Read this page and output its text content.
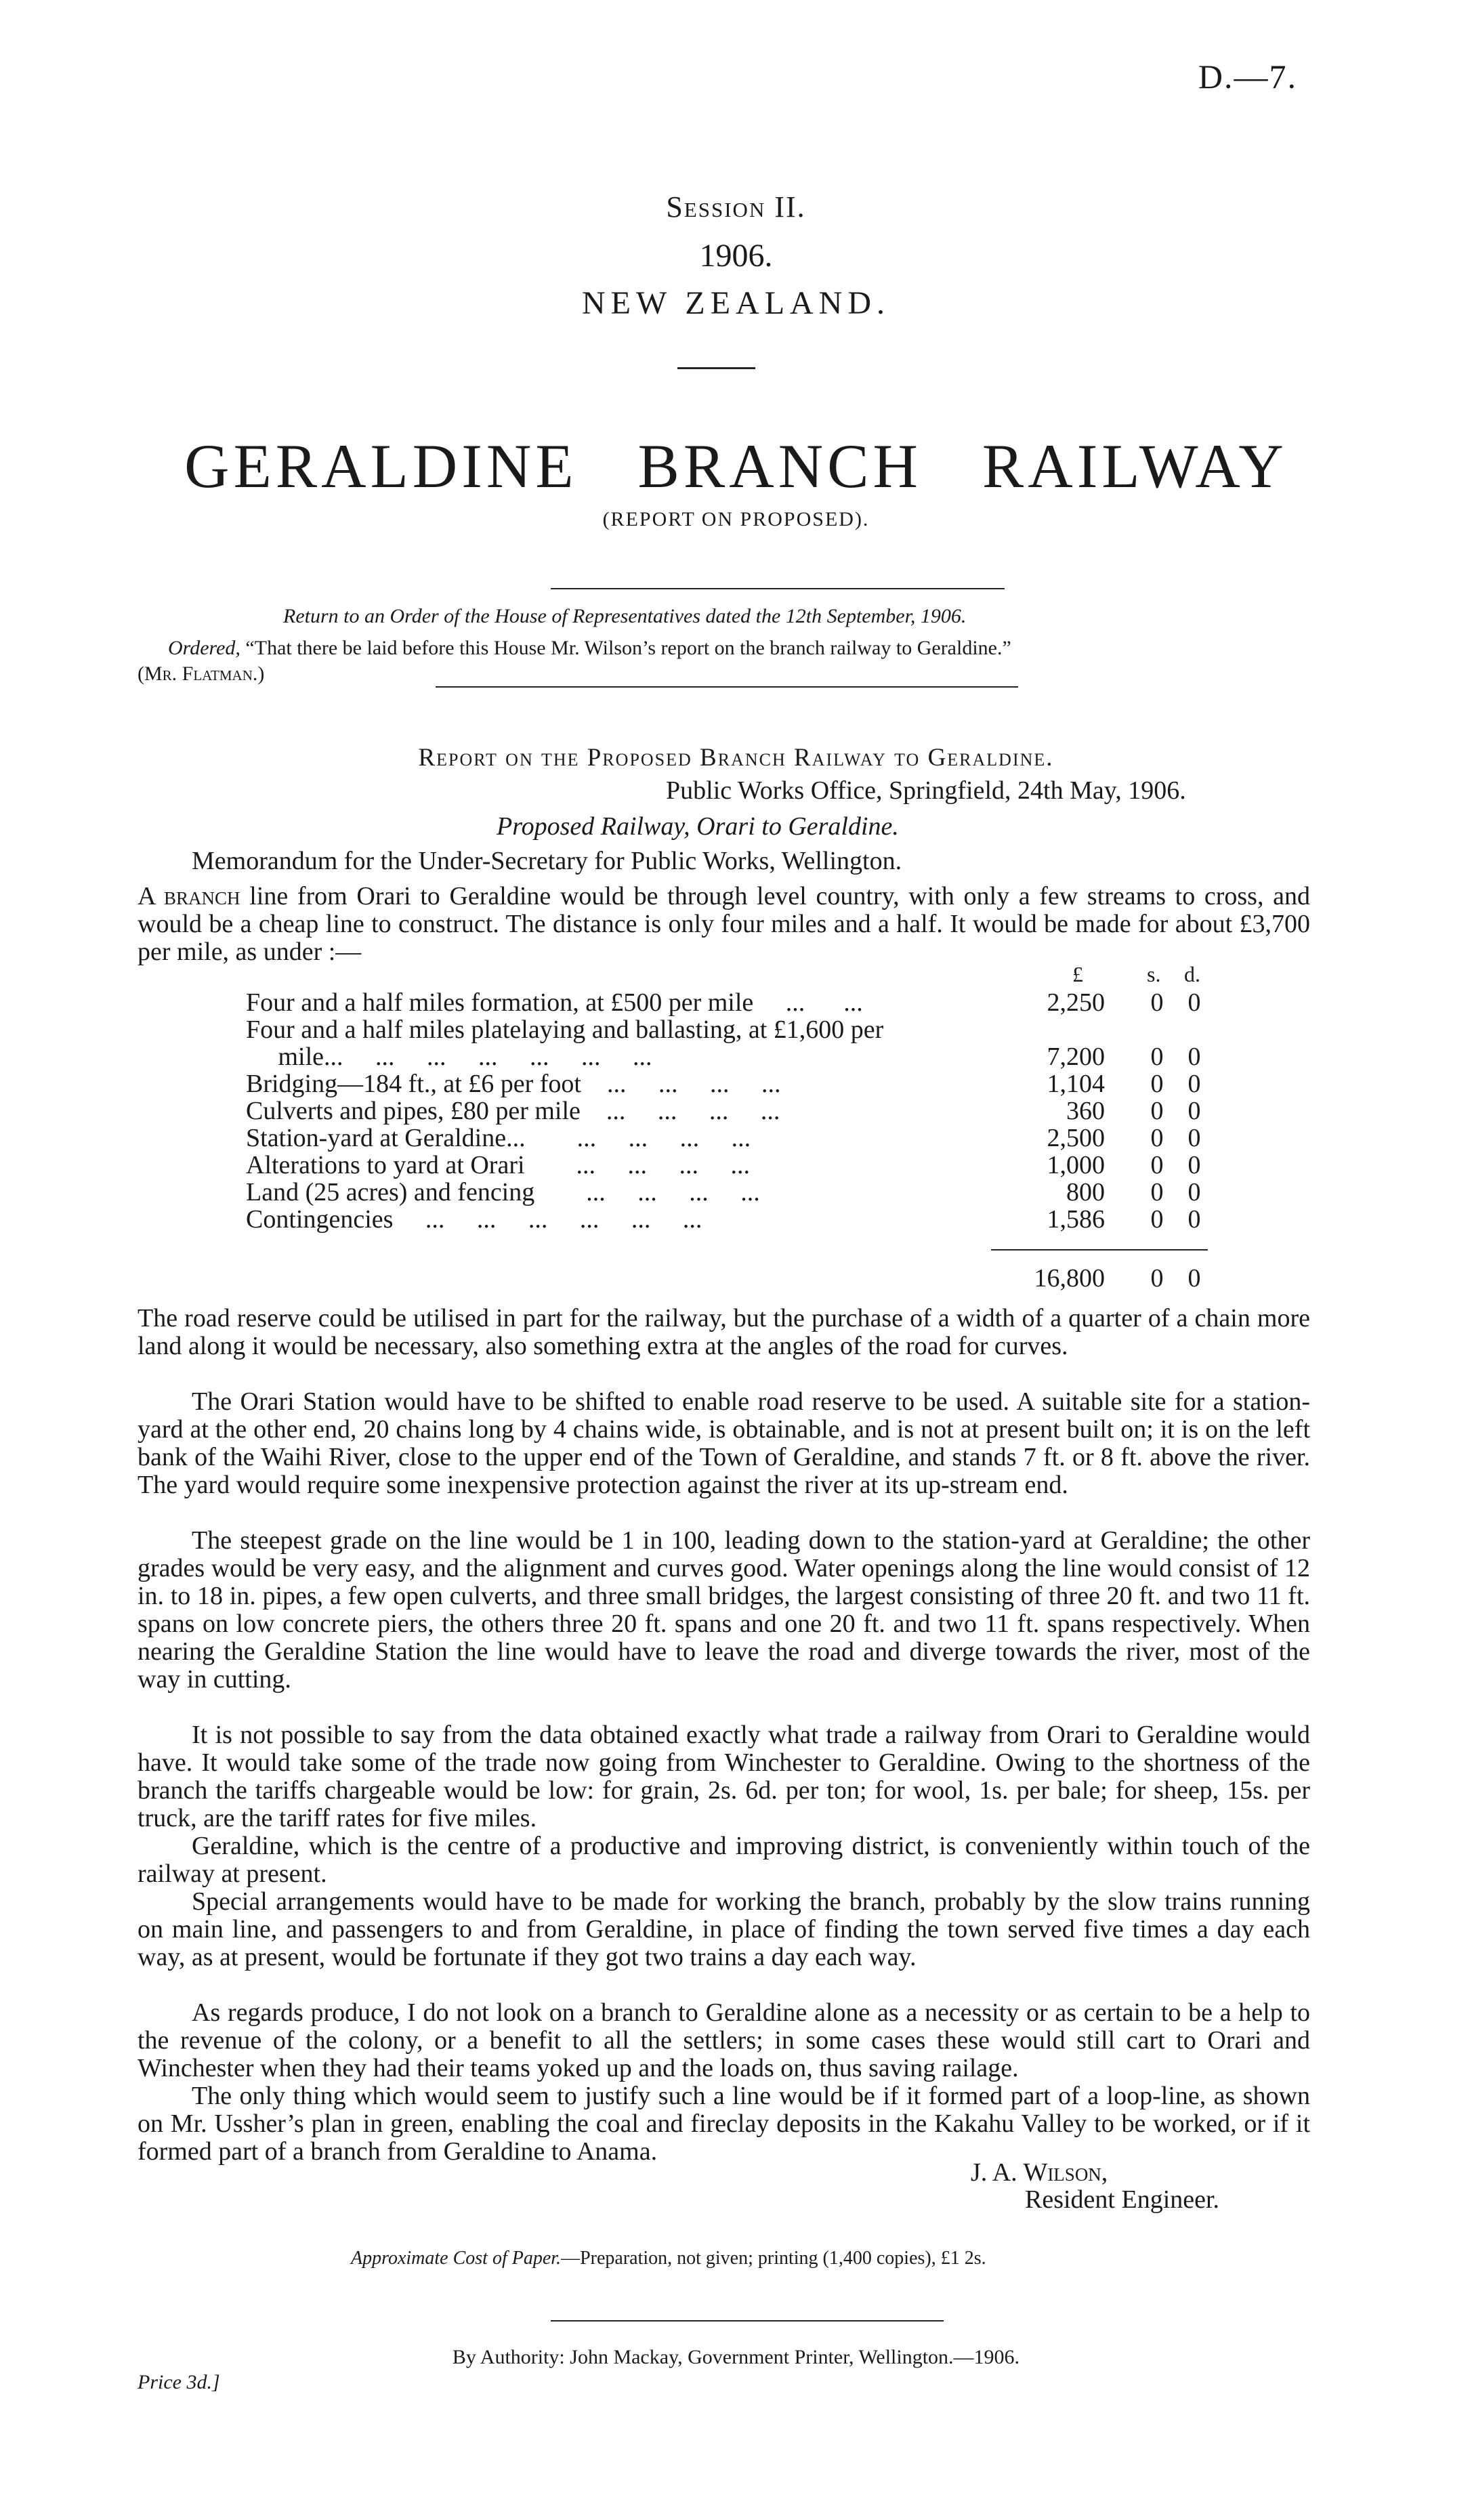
D.—7.
Session II.
1906.
NEW ZEALAND.
GERALDINE BRANCH RAILWAY
(REPORT ON PROPOSED).
Return to an Order of the House of Representatives dated the 12th September, 1906.
Ordered, “That there be laid before this House Mr. Wilson’s report on the branch railway to Geraldine.”
(Mr. Flatman.)
Report on the Proposed Branch Railway to Geraldine.
Public Works Office, Springfield, 24th May, 1906.
Proposed Railway, Orari to Geraldine.
Memorandum for the Under-Secretary for Public Works, Wellington.
A branch line from Orari to Geraldine would be through level country, with only a few streams to cross, and would be a cheap line to construct. The distance is only four miles and a half. It would be made for about £3,700 per mile, as under :—
£	s. d.
Four and a half miles formation, at £500 per mile     ...      ...	2,250 0 0
Four and a half miles platelaying and ballasting, at £1,600 per
mile...     ...     ...     ...     ...     ...     ...	7,200 0 0
Bridging—184 ft., at £6 per foot    ...     ...     ...     ...	1,104 0 0
Culverts and pipes, £80 per mile    ...     ...     ...     ...	360 0 0
Station-yard at Geraldine...        ...     ...     ...     ...	2,500 0 0
Alterations to yard at Orari        ...     ...     ...     ...	1,000 0 0
Land (25 acres) and fencing        ...     ...     ...     ...	800 0 0
Contingencies     ...     ...     ...     ...     ...     ...	1,586 0 0
16,800 0 0
The road reserve could be utilised in part for the railway, but the purchase of a width of a quarter of a chain more land along it would be necessary, also something extra at the angles of the road for curves.
The Orari Station would have to be shifted to enable road reserve to be used. A suitable site for a station-yard at the other end, 20 chains long by 4 chains wide, is obtainable, and is not at present built on; it is on the left bank of the Waihi River, close to the upper end of the Town of Geraldine, and stands 7 ft. or 8 ft. above the river. The yard would require some inexpensive protection against the river at its up-stream end.
The steepest grade on the line would be 1 in 100, leading down to the station-yard at Geraldine; the other grades would be very easy, and the alignment and curves good. Water openings along the line would consist of 12 in. to 18 in. pipes, a few open culverts, and three small bridges, the largest consisting of three 20 ft. and two 11 ft. spans on low concrete piers, the others three 20 ft. spans and one 20 ft. and two 11 ft. spans respectively. When nearing the Geraldine Station the line would have to leave the road and diverge towards the river, most of the way in cutting.
It is not possible to say from the data obtained exactly what trade a railway from Orari to Geraldine would have. It would take some of the trade now going from Winchester to Geraldine. Owing to the shortness of the branch the tariffs chargeable would be low: for grain, 2s. 6d. per ton; for wool, 1s. per bale; for sheep, 15s. per truck, are the tariff rates for five miles.
Geraldine, which is the centre of a productive and improving district, is conveniently within touch of the railway at present.
Special arrangements would have to be made for working the branch, probably by the slow trains running on main line, and passengers to and from Geraldine, in place of finding the town served five times a day each way, as at present, would be fortunate if they got two trains a day each way.
As regards produce, I do not look on a branch to Geraldine alone as a necessity or as certain to be a help to the revenue of the colony, or a benefit to all the settlers; in some cases these would still cart to Orari and Winchester when they had their teams yoked up and the loads on, thus saving railage.
The only thing which would seem to justify such a line would be if it formed part of a loop-line, as shown on Mr. Ussher’s plan in green, enabling the coal and fireclay deposits in the Kakahu Valley to be worked, or if it formed part of a branch from Geraldine to Anama.
J. A. Wilson,
Resident Engineer.
Approximate Cost of Paper.—Preparation, not given; printing (1,400 copies), £1 2s.
By Authority: John Mackay, Government Printer, Wellington.—1906.
Price 3d.]
